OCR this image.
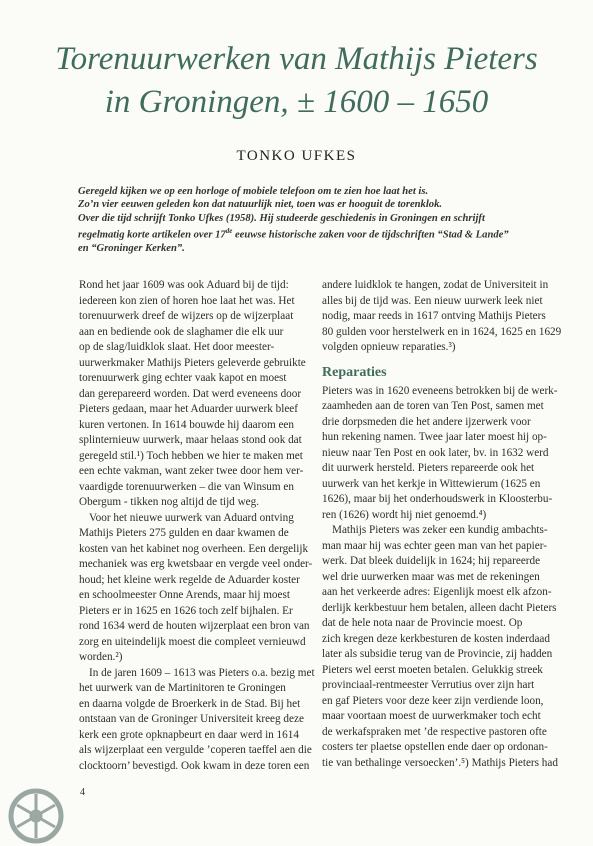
Torenuurwerken van Mathijs Pieters
in Groningen, ± 1600 – 1650
TONKO UFKES
Geregeld kijken we op een horloge of mobiele telefoon om te zien hoe laat het is.
Zo’n vier eeuwen geleden kon dat natuurlijk niet, toen was er hooguit de torenklok.
Over die tijd schrijft Tonko Ufkes (1958). Hij studeerde geschiedenis in Groningen en schrijft
regelmatig korte artikelen over 17de eeuwse historische zaken voor de tijdschriften “Stad & Lande”
en “Groninger Kerken”.

Rond het jaar 1609 was ook Aduard bij de tijd:
iedereen kon zien of horen hoe laat het was. Het
torenuurwerk dreef de wijzers op de wijzerplaat
aan en bediende ook de slaghamer die elk uur
op de slag/luidklok slaat. Het door meester-
uurwerkmaker Mathijs Pieters geleverde gebruikte
torenuurwerk ging echter vaak kapot en moest
dan gerepareerd worden. Dat werd eveneens door
Pieters gedaan, maar het Aduarder uurwerk bleef
kuren vertonen. In 1614 bouwde hij daarom een
splinternieuw uurwerk, maar helaas stond ook dat
geregeld stil.¹) Toch hebben we hier te maken met
een echte vakman, want zeker twee door hem ver-
vaardigde torenuurwerken – die van Winsum en
Obergum - tikken nog altijd de tijd weg.

Voor het nieuwe uurwerk van Aduard ontving
Mathijs Pieters 275 gulden en daar kwamen de
kosten van het kabinet nog overheen. Een dergelijk
mechaniek was erg kwetsbaar en vergde veel onder-
houd; het kleine werk regelde de Aduarder koster
en schoolmeester Onne Arends, maar hij moest
Pieters er in 1625 en 1626 toch zelf bijhalen. Er
rond 1634 werd de houten wijzerplaat een bron van
zorg en uiteindelijk moest die compleet vernieuwd
worden.²)

In de jaren 1609 – 1613 was Pieters o.a. bezig met
het uurwerk van de Martinitoren te Groningen
en daarna volgde de Broerkerk in de Stad. Bij het
ontstaan van de Groninger Universiteit kreeg deze
kerk een grote opknapbeurt en daar werd in 1614
als wijzerplaat een vergulde ’coperen taeffel aen die
clocktoorn’ bevestigd. Ook kwam in deze toren een

andere luidklok te hangen, zodat de Universiteit in
alles bij de tijd was. Een nieuw uurwerk leek niet
nodig, maar reeds in 1617 ontving Mathijs Pieters
80 gulden voor herstelwerk en in 1624, 1625 en 1629
volgden opnieuw reparaties.³)

Reparaties

Pieters was in 1620 eveneens betrokken bij de werk-
zaamheden aan de toren van Ten Post, samen met
drie dorpsmeden die het andere ijzerwerk voor
hun rekening namen. Twee jaar later moest hij op-
nieuw naar Ten Post en ook later, bv. in 1632 werd
dit uurwerk hersteld. Pieters repareerde ook het
uurwerk van het kerkje in Wittewierum (1625 en
1626), maar bij het onderhoudswerk in Kloosterbu-
ren (1626) wordt hij niet genoemd.⁴)

Mathijs Pieters was zeker een kundig ambachts-
man maar hij was echter geen man van het papier-
werk. Dat bleek duidelijk in 1624; hij repareerde
wel drie uurwerken maar was met de rekeningen
aan het verkeerde adres: Eigenlijk moest elk afzon-
derlijk kerkbestuur hem betalen, alleen dacht Pieters
dat de hele nota naar de Provincie moest. Op
zich kregen deze kerkbesturen de kosten inderdaad
later als subsidie terug van de Provincie, zij hadden
Pieters wel eerst moeten betalen. Gelukkig streek
provinciaal-rentmeester Verrutius over zijn hart
en gaf Pieters voor deze keer zijn verdiende loon,
maar voortaan moest de uurwerkmaker toch echt
de werkafspraken met ’de respective pastoren ofte
costers ter plaetse opstellen ende daer op ordonan-
tie van bethalinge versoecken’.⁵) Mathijs Pieters had

4
